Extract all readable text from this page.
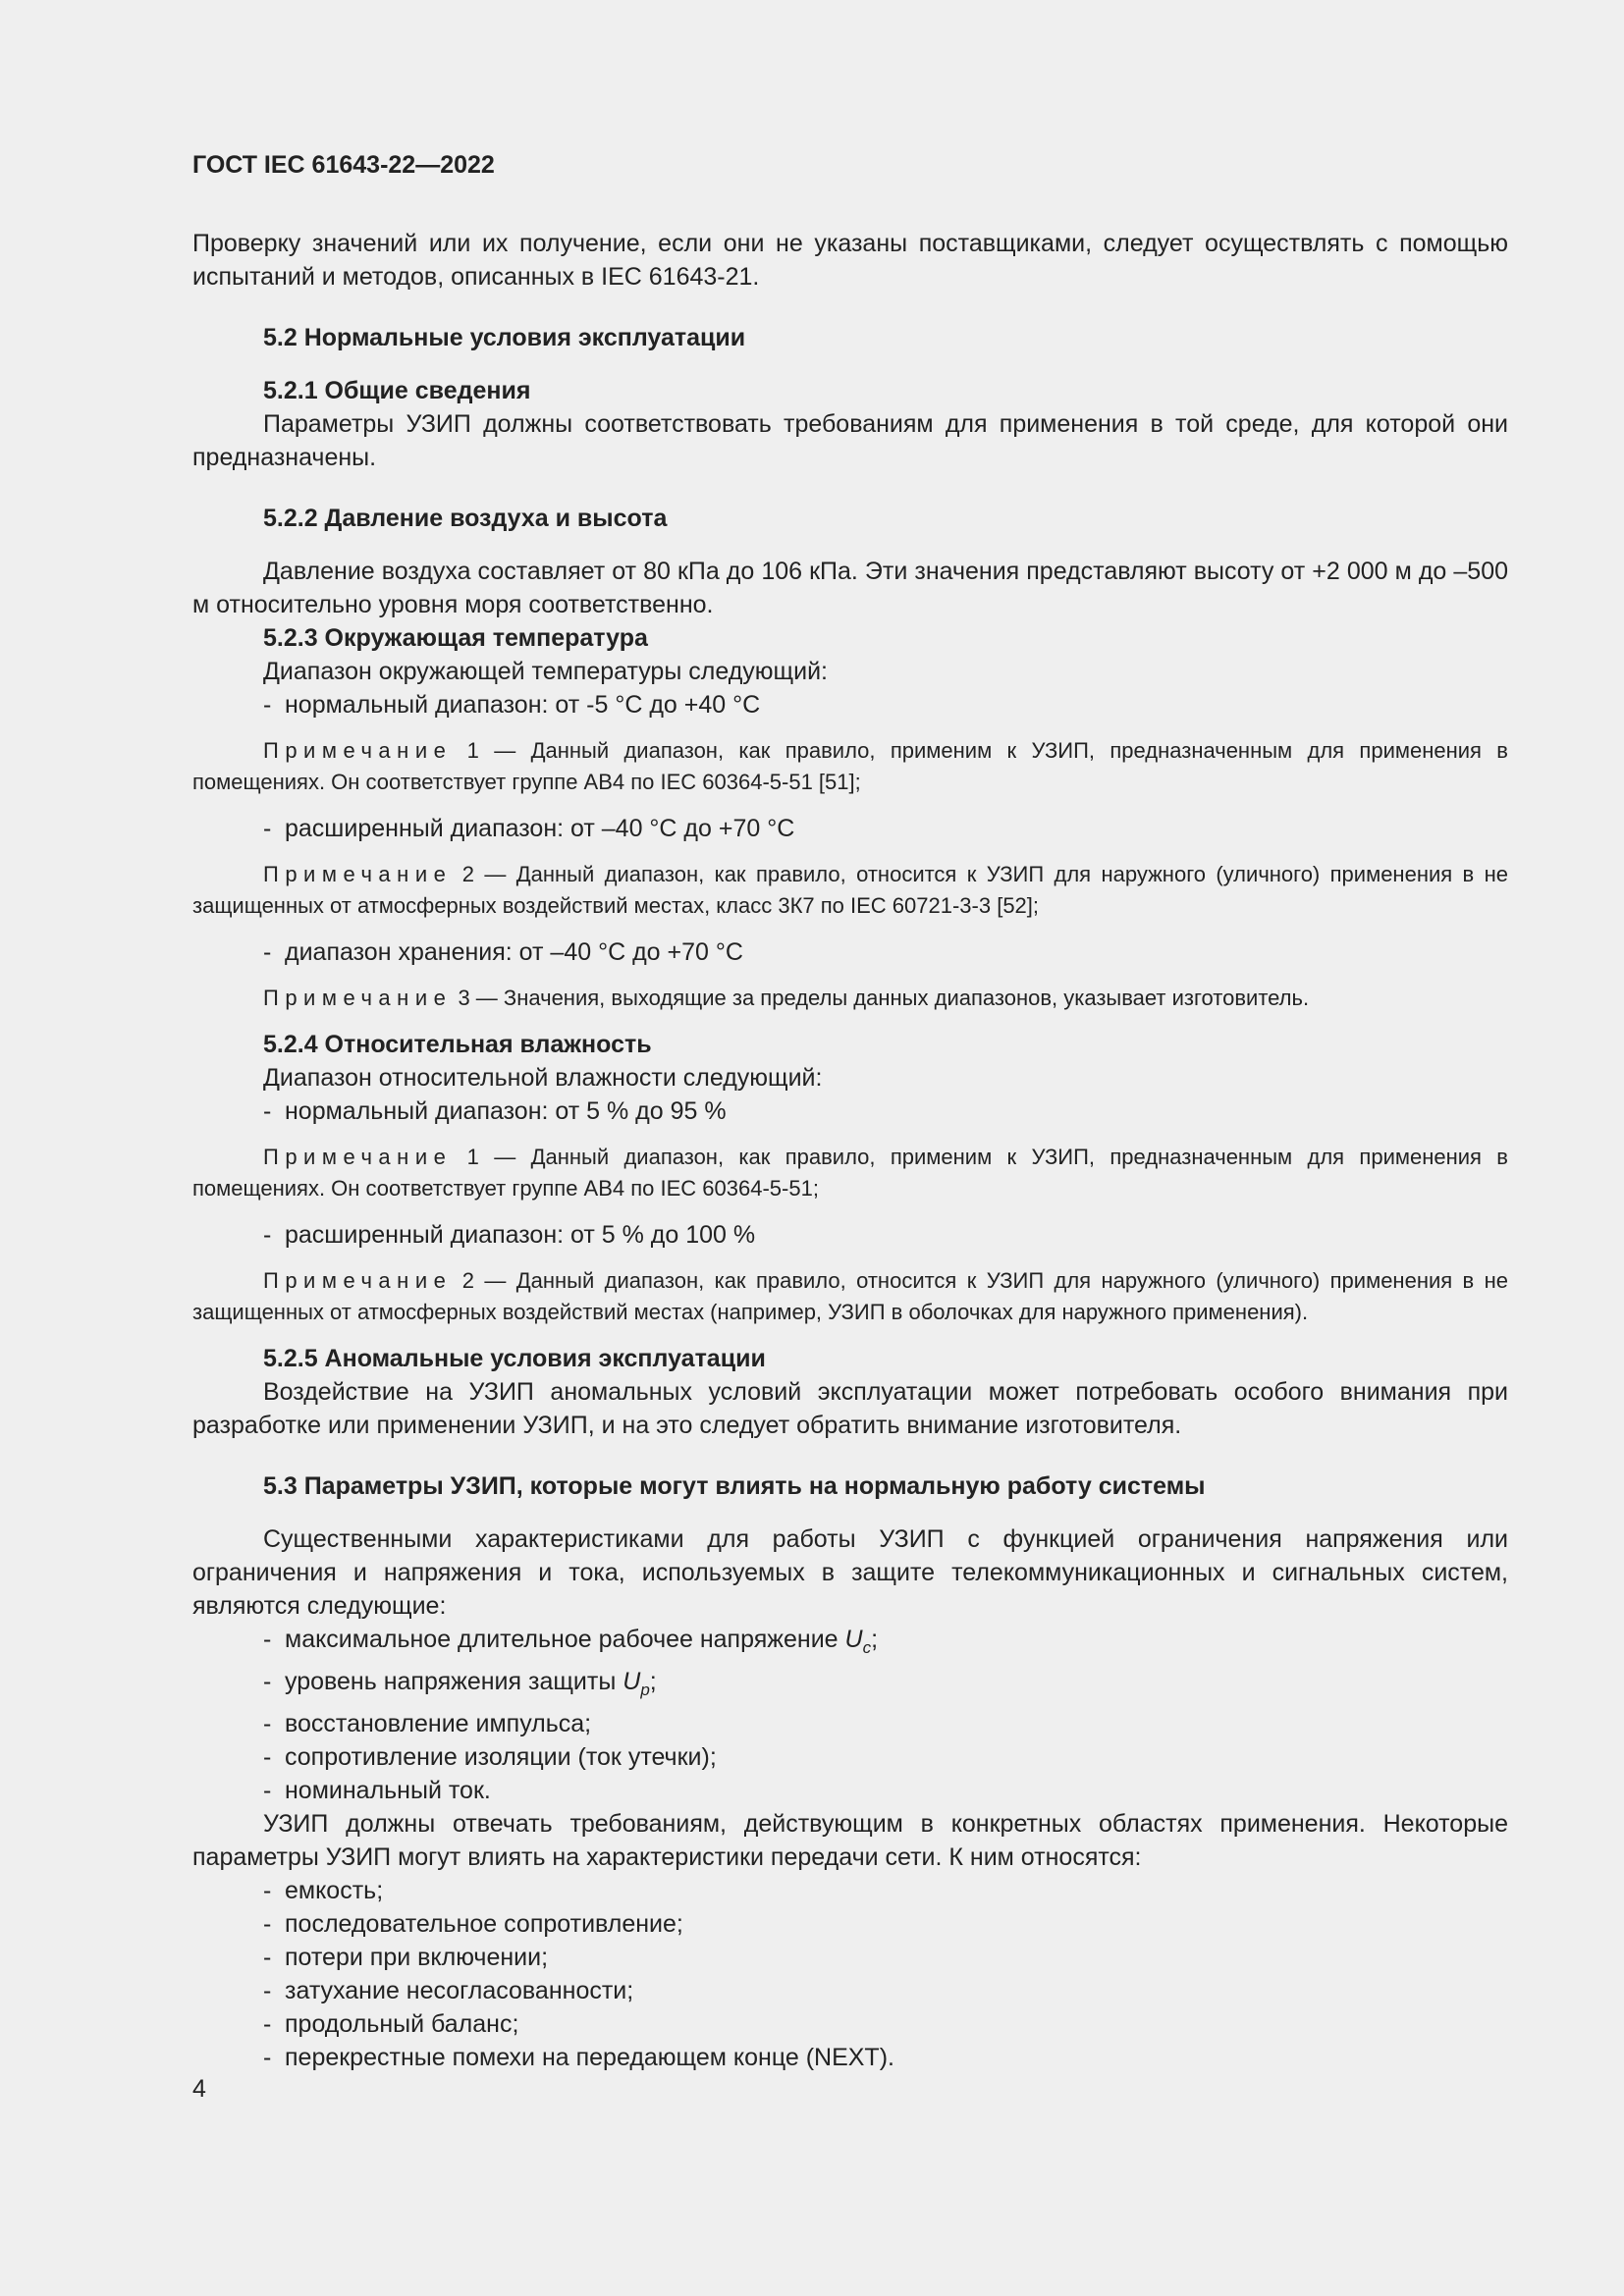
ГОСТ IEC 61643-22—2022

Проверку значений или их получение, если они не указаны поставщиками, следует осуществлять с помощью испытаний и методов, описанных в IEC 61643-21.

5.2 Нормальные условия эксплуатации

5.2.1 Общие сведения

Параметры УЗИП должны соответствовать требованиям для применения в той среде, для которой они предназначены.

5.2.2 Давление воздуха и высота

Давление воздуха составляет от 80 кПа до 106 кПа. Эти значения представляют высоту от +2 000 м до –500 м относительно уровня моря соответственно.

5.2.3 Окружающая температура

Диапазон окружающей температуры следующий:

- нормальный диапазон: от -5 °С до +40 °С

Примечание 1 — Данный диапазон, как правило, применим к УЗИП, предназначенным для применения в помещениях. Он соответствует группе АВ4 по IEC 60364-5-51 [51];

- расширенный диапазон: от –40 °С до +70 °С

Примечание 2 — Данный диапазон, как правило, относится к УЗИП для наружного (уличного) применения в не защищенных от атмосферных воздействий местах, класс 3К7 по IEC 60721-3-3 [52];

- диапазон хранения: от –40 °С до +70 °С

Примечание 3 — Значения, выходящие за пределы данных диапазонов, указывает изготовитель.

5.2.4 Относительная влажность

Диапазон относительной влажности следующий:

- нормальный диапазон: от 5 % до 95 %

Примечание 1 — Данный диапазон, как правило, применим к УЗИП, предназначенным для применения в помещениях. Он соответствует группе АВ4 по IEC 60364-5-51;

- расширенный диапазон: от 5 % до 100 %

Примечание 2 — Данный диапазон, как правило, относится к УЗИП для наружного (уличного) применения в не защищенных от атмосферных воздействий местах (например, УЗИП в оболочках для наружного применения).

5.2.5 Аномальные условия эксплуатации

Воздействие на УЗИП аномальных условий эксплуатации может потребовать особого внимания при разработке или применении УЗИП, и на это следует обратить внимание изготовителя.

5.3 Параметры УЗИП, которые могут влиять на нормальную работу системы

Существенными характеристиками для работы УЗИП с функцией ограничения напряжения или ограничения и напряжения и тока, используемых в защите телекоммуникационных и сигнальных систем, являются следующие:

- максимальное длительное рабочее напряжение $U_c$;

- уровень напряжения защиты $U_p$;

- восстановление импульса;

- сопротивление изоляции (ток утечки);

- номинальный ток.

УЗИП должны отвечать требованиям, действующим в конкретных областях применения. Некоторые параметры УЗИП могут влиять на характеристики передачи сети. К ним относятся:

- емкость;

- последовательное сопротивление;

- потери при включении;

- затухание несогласованности;

- продольный баланс;

- перекрестные помехи на передающем конце (NEXT).

4
